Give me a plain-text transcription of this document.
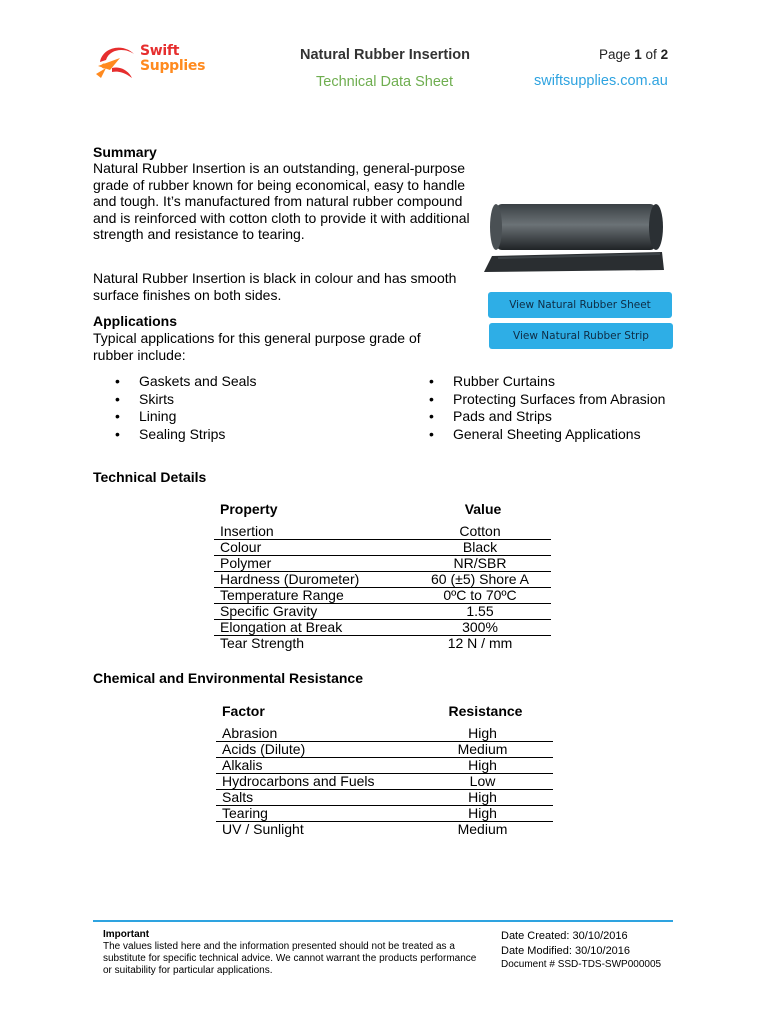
Swift
Supplies
Natural Rubber Insertion
Technical Data Sheet
Page 1 of 2
swiftsupplies.com.au
Summary
Natural Rubber Insertion is an outstanding, general-purpose grade of rubber known for being economical, easy to handle and tough. It’s manufactured from natural rubber compound and is reinforced with cotton cloth to provide it with additional strength and resistance to tearing.
Natural Rubber Insertion is black in colour and has smooth surface finishes on both sides.
View Natural Rubber Sheet
View Natural Rubber Strip
Applications
Typical applications for this general purpose grade of rubber include:
• Gaskets and Seals
• Skirts
• Lining
• Sealing Strips
• Rubber Curtains
• Protecting Surfaces from Abrasion
• Pads and Strips
• General Sheeting Applications
Technical Details
Property	Value
Insertion	Cotton
Colour	Black
Polymer	NR/SBR
Hardness (Durometer)	60 (±5) Shore A
Temperature Range	0ºC to 70ºC
Specific Gravity	1.55
Elongation at Break	300%
Tear Strength	12 N / mm
Chemical and Environmental Resistance
Factor	Resistance
Abrasion	High
Acids (Dilute)	Medium
Alkalis	High
Hydrocarbons and Fuels	Low
Salts	High
Tearing	High
UV / Sunlight	Medium
Important
The values listed here and the information presented should not be treated as a substitute for specific technical advice. We cannot warrant the products performance or suitability for particular applications.
Date Created: 30/10/2016
Date Modified: 30/10/2016
Document # SSD-TDS-SWP000005
